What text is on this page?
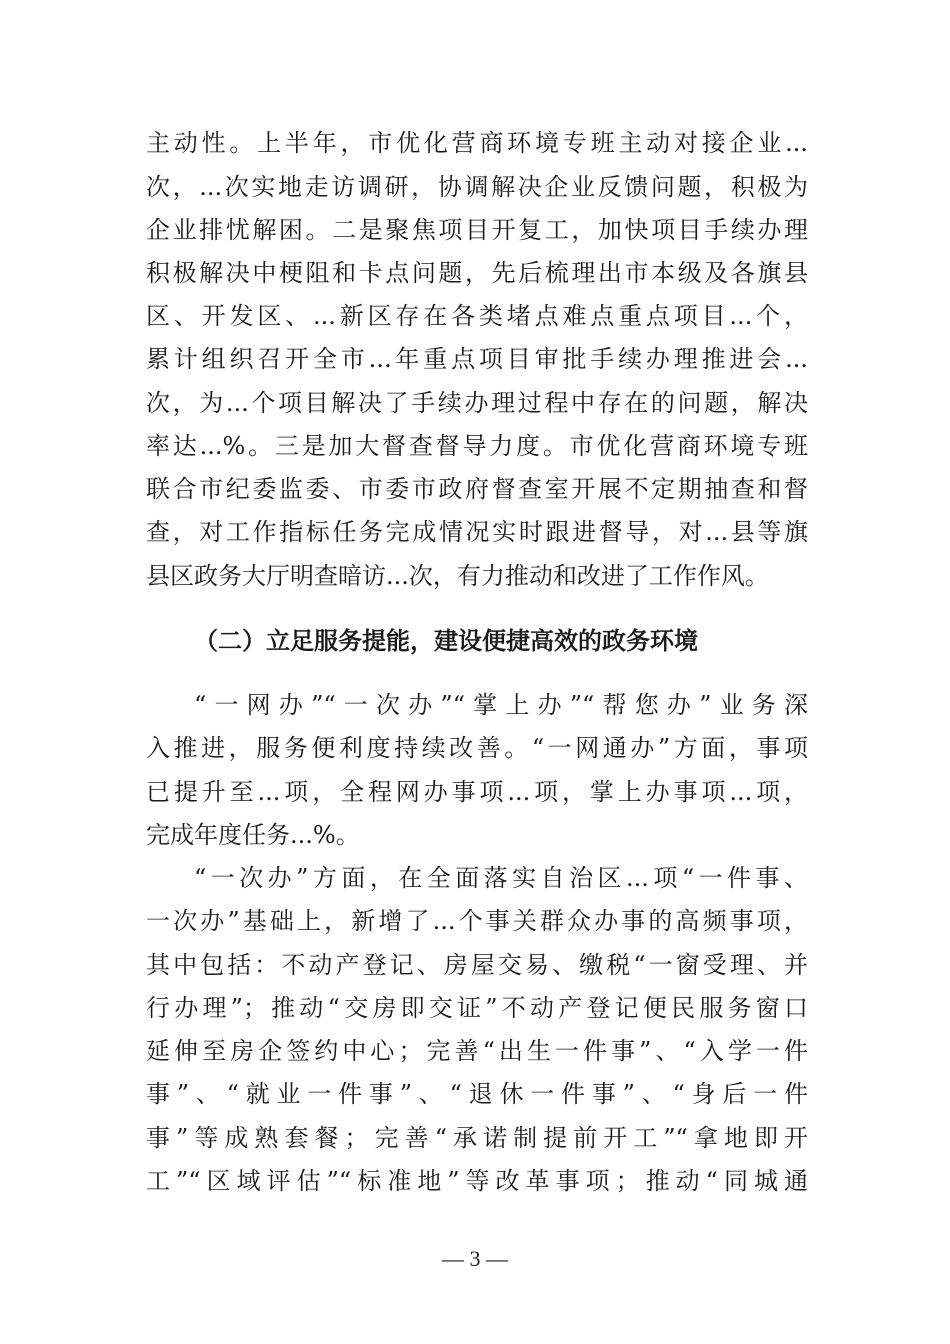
主动性。上半年，市优化营商环境专班主动对接企业...
次，...次实地走访调研，协调解决企业反馈问题，积极为
企业排忧解困。二是聚焦项目开复工，加快项目手续办理
积极解决中梗阻和卡点问题，先后梳理出市本级及各旗县
区、开发区、...新区存在各类堵点难点重点项目...个，
累计组织召开全市...年重点项目审批手续办理推进会...
次，为...个项目解决了手续办理过程中存在的问题，解决
率达...%。三是加大督查督导力度。市优化营商环境专班
联合市纪委监委、市委市政府督查室开展不定期抽查和督
查，对工作指标任务完成情况实时跟进督导，对...县等旗
县区政务大厅明查暗访...次，有力推动和改进了工作作风。
（二）立足服务提能，建设便捷高效的政务环境
“一网办”“一次办”“掌上办”“帮您办”业务深
入推进，服务便利度持续改善。“一网通办”方面，事项
已提升至...项，全程网办事项...项，掌上办事项...项，
完成年度任务...%。
“一次办”方面，在全面落实自治区...项“一件事、
一次办”基础上，新增了...个事关群众办事的高频事项，
其中包括：不动产登记、房屋交易、缴税“一窗受理、并
行办理”；推动“交房即交证”不动产登记便民服务窗口
延伸至房企签约中心；完善“出生一件事”、“入学一件
事”、“就业一件事”、“退休一件事”、“身后一件
事”等成熟套餐；完善“承诺制提前开工”“拿地即开
工”“区域评估”“标准地”等改革事项；推动“同城通
— 3 —
